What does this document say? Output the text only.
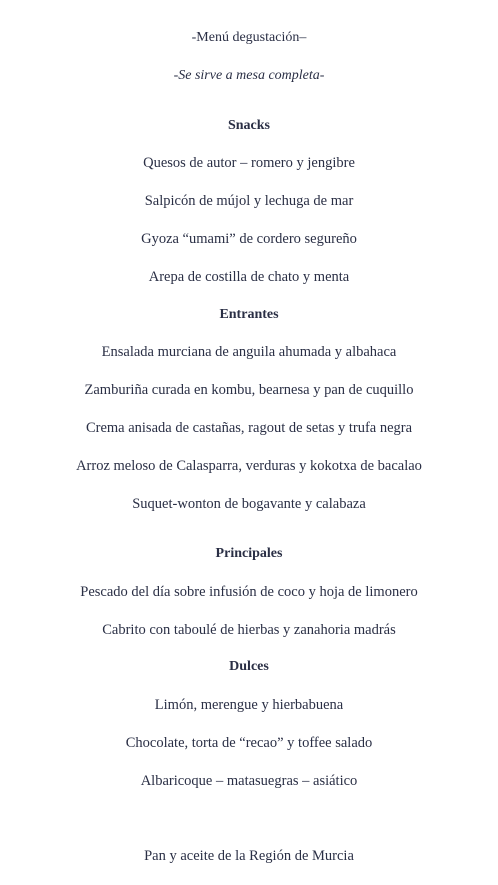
-Menú degustación–
-Se sirve a mesa completa-
Snacks
Quesos de autor – romero y jengibre
Salpicón de mújol y lechuga de mar
Gyoza “umami” de cordero segureño
Arepa de costilla de chato y menta
Entrantes
Ensalada murciana de anguila ahumada y albahaca
Zamburiña curada en kombu, bearnesa y pan de cuquillo
Crema anisada de castañas, ragout de setas y trufa negra
Arroz meloso de Calasparra, verduras y kokotxa de bacalao
Suquet-wonton de bogavante y calabaza
Principales
Pescado del día sobre infusión de coco y hoja de limonero
Cabrito con taboulé de hierbas y zanahoria madrás
Dulces
Limón, merengue y hierbabuena
Chocolate, torta de “recao” y toffee salado
Albaricoque – matasuegras – asiático
Pan y aceite de la Región de Murcia
